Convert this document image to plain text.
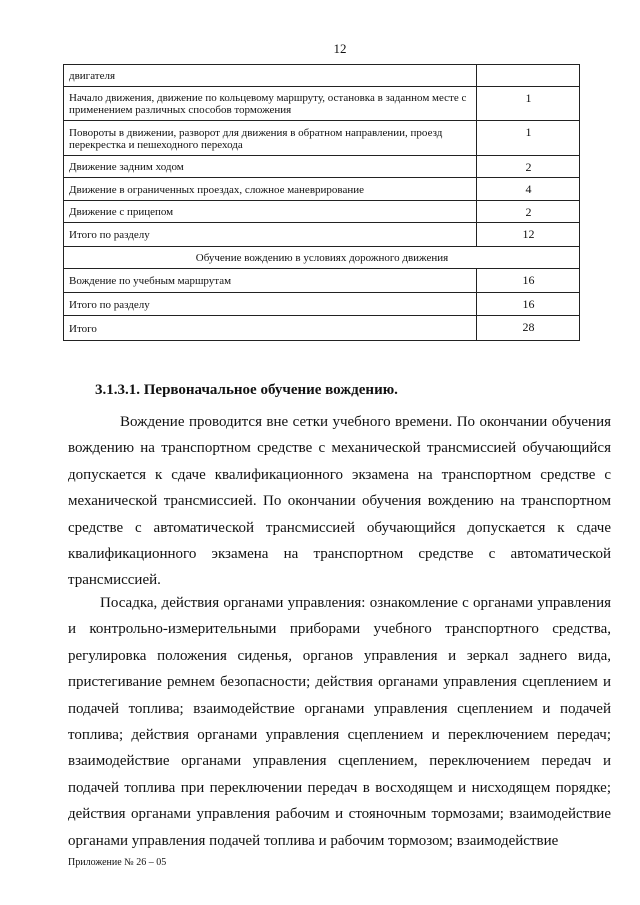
12
двигателя	
Начало движения, движение по кольцевому маршруту, остановка в заданном месте с применением различных способов торможения	1
Повороты в движении, разворот для движения в обратном направлении, проезд перекрестка и пешеходного перехода	1
Движение задним ходом	2
Движение в ограниченных проездах, сложное маневрирование	4
Движение с прицепом	2
Итого по разделу	12
Обучение вождению в условиях дорожного движения	
Вождение по учебным маршрутам	16
Итого по разделу	16
Итого	28
3.1.3.1. Первоначальное обучение вождению.

Вождение проводится вне сетки учебного времени. По окончании обучения вождению на транспортном средстве с механической трансмиссией обучающийся допускается к сдаче квалификационного экзамена на транспортном средстве с механической трансмиссией. По окончании обучения вождению на транспортном средстве с автоматической трансмиссией обучающийся допускается к сдаче квалификационного экзамена на транспортном средстве с автоматической трансмиссией.

Посадка, действия органами управления: ознакомление с органами управления и контрольно-измерительными приборами учебного транспортного средства, регулировка положения сиденья, органов управления и зеркал заднего вида, пристегивание ремнем безопасности; действия органами управления сцеплением и подачей топлива; взаимодействие органами управления сцеплением и подачей топлива; действия органами управления сцеплением и переключением передач; взаимодействие органами управления сцеплением, переключением передач и подачей топлива при переключении передач в восходящем и нисходящем порядке; действия органами управления рабочим и стояночным тормозами; взаимодействие органами управления подачей топлива и рабочим тормозом; взаимодействие

Приложение № 26 – 05
